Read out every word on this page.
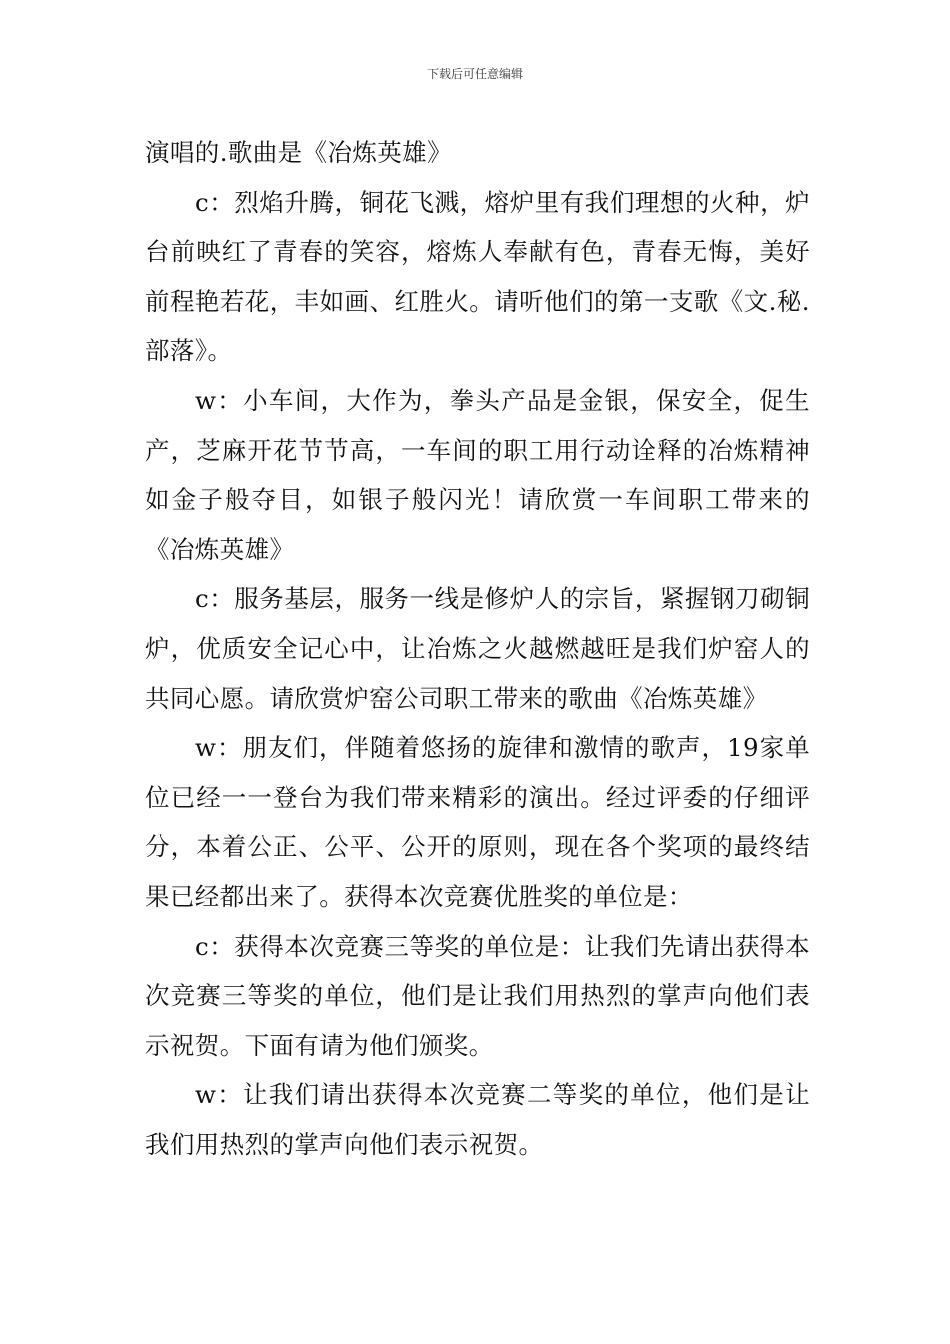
下载后可任意编辑

演唱的.歌曲是《冶炼英雄》

c：烈焰升腾，铜花飞溅，熔炉里有我们理想的火种，炉台前映红了青春的笑容，熔炼人奉献有色，青春无悔，美好前程艳若花，丰如画、红胜火。请听他们的第一支歌《文.秘.部落》。

w：小车间，大作为，拳头产品是金银，保安全，促生产，芝麻开花节节高，一车间的职工用行动诠释的冶炼精神如金子般夺目，如银子般闪光！请欣赏一车间职工带来的《冶炼英雄》

c：服务基层，服务一线是修炉人的宗旨，紧握钢刀砌铜炉，优质安全记心中，让冶炼之火越燃越旺是我们炉窑人的共同心愿。请欣赏炉窑公司职工带来的歌曲《冶炼英雄》

w：朋友们，伴随着悠扬的旋律和激情的歌声，19家单位已经一一登台为我们带来精彩的演出。经过评委的仔细评分，本着公正、公平、公开的原则，现在各个奖项的最终结果已经都出来了。获得本次竞赛优胜奖的单位是：

c：获得本次竞赛三等奖的单位是：让我们先请出获得本次竞赛三等奖的单位，他们是让我们用热烈的掌声向他们表示祝贺。下面有请为他们颁奖。

w：让我们请出获得本次竞赛二等奖的单位，他们是让我们用热烈的掌声向他们表示祝贺。
